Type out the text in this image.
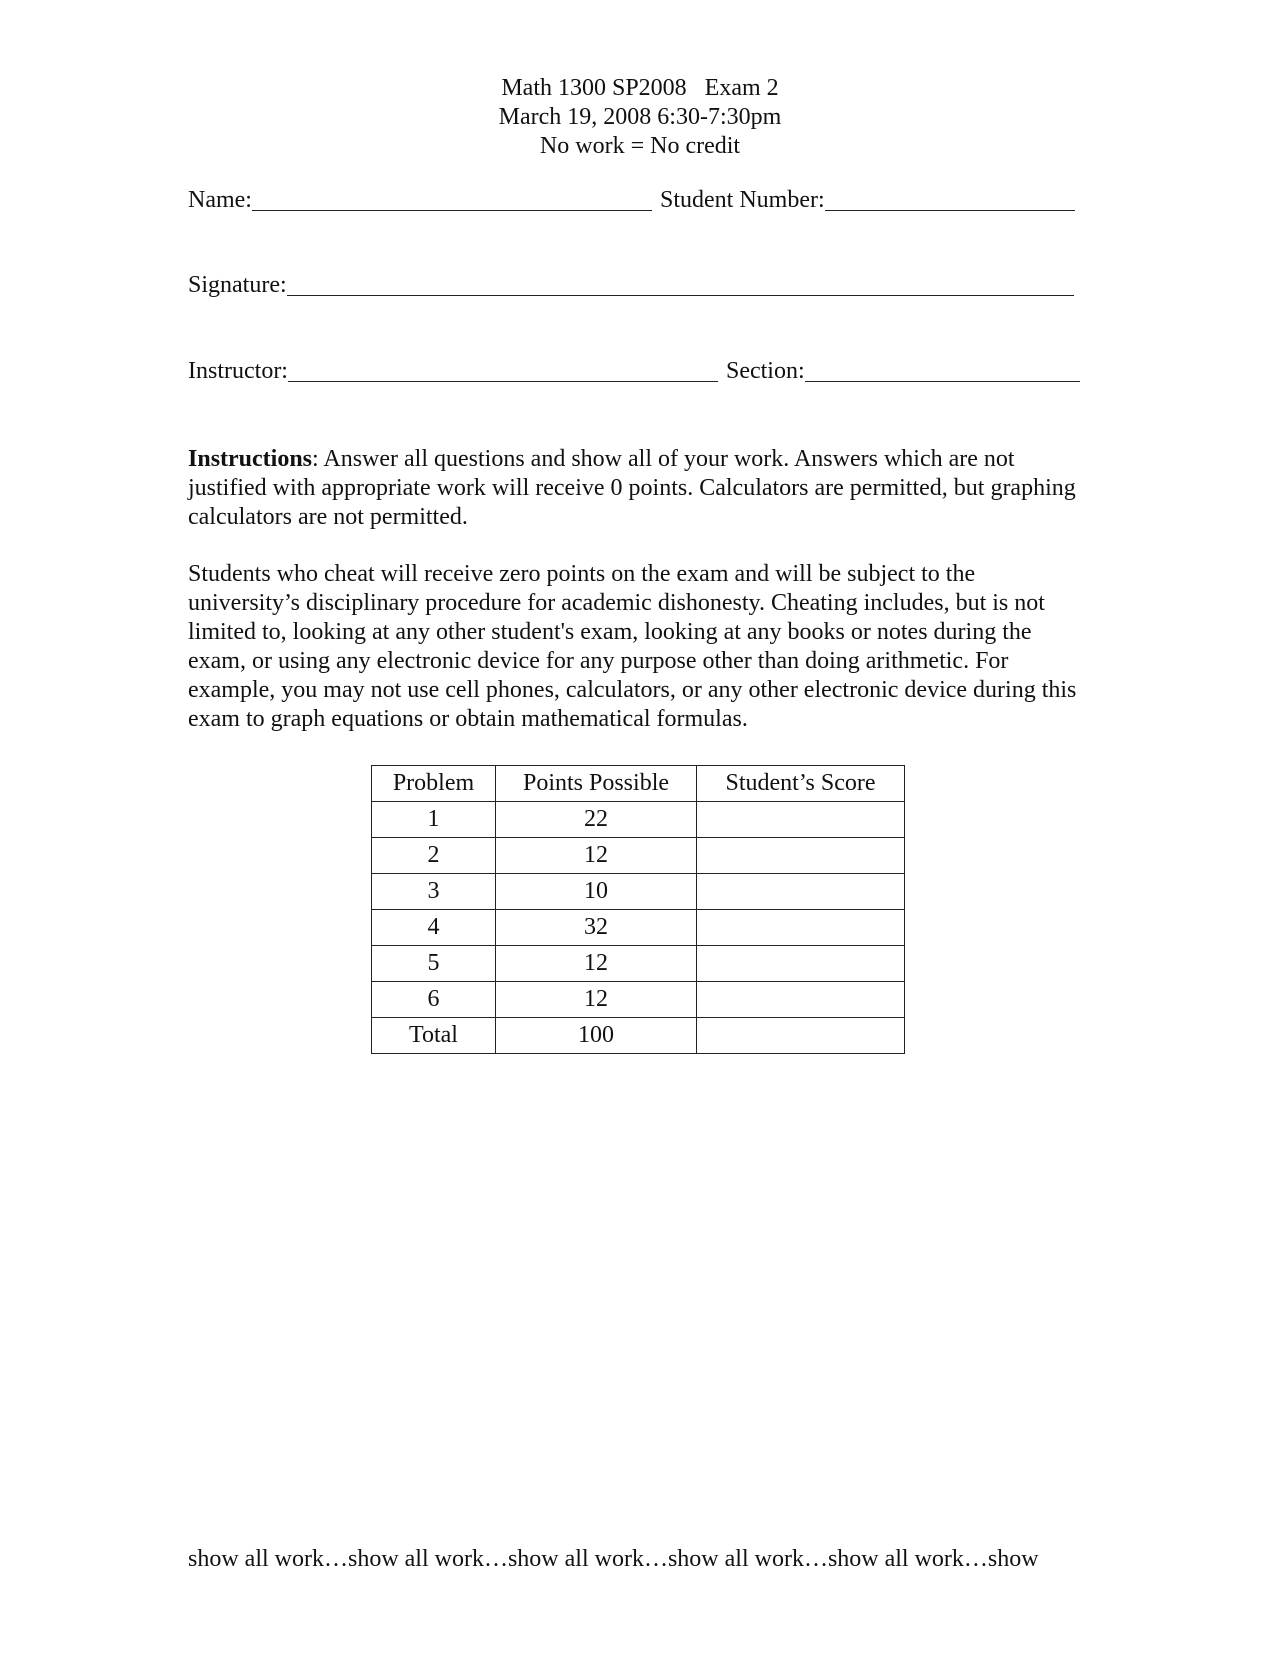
Math 1300 SP2008   Exam 2
March 19, 2008 6:30-7:30pm
No work = No credit
Name:	Student Number:
Signature:
Instructor:	Section:

Instructions: Answer all questions and show all of your work. Answers which are not justified with appropriate work will receive 0 points. Calculators are permitted, but graphing calculators are not permitted.

Students who cheat will receive zero points on the exam and will be subject to the university’s disciplinary procedure for academic dishonesty. Cheating includes, but is not limited to, looking at any other student's exam, looking at any books or notes during the exam, or using any electronic device for any purpose other than doing arithmetic. For example, you may not use cell phones, calculators, or any other electronic device during this exam to graph equations or obtain mathematical formulas.

Problem	Points Possible	Student’s Score
1	22	
2	12	
3	10	
4	32	
5	12	
6	12	
Total	100	
show all work…show all work…show all work…show all work…show all work…show
